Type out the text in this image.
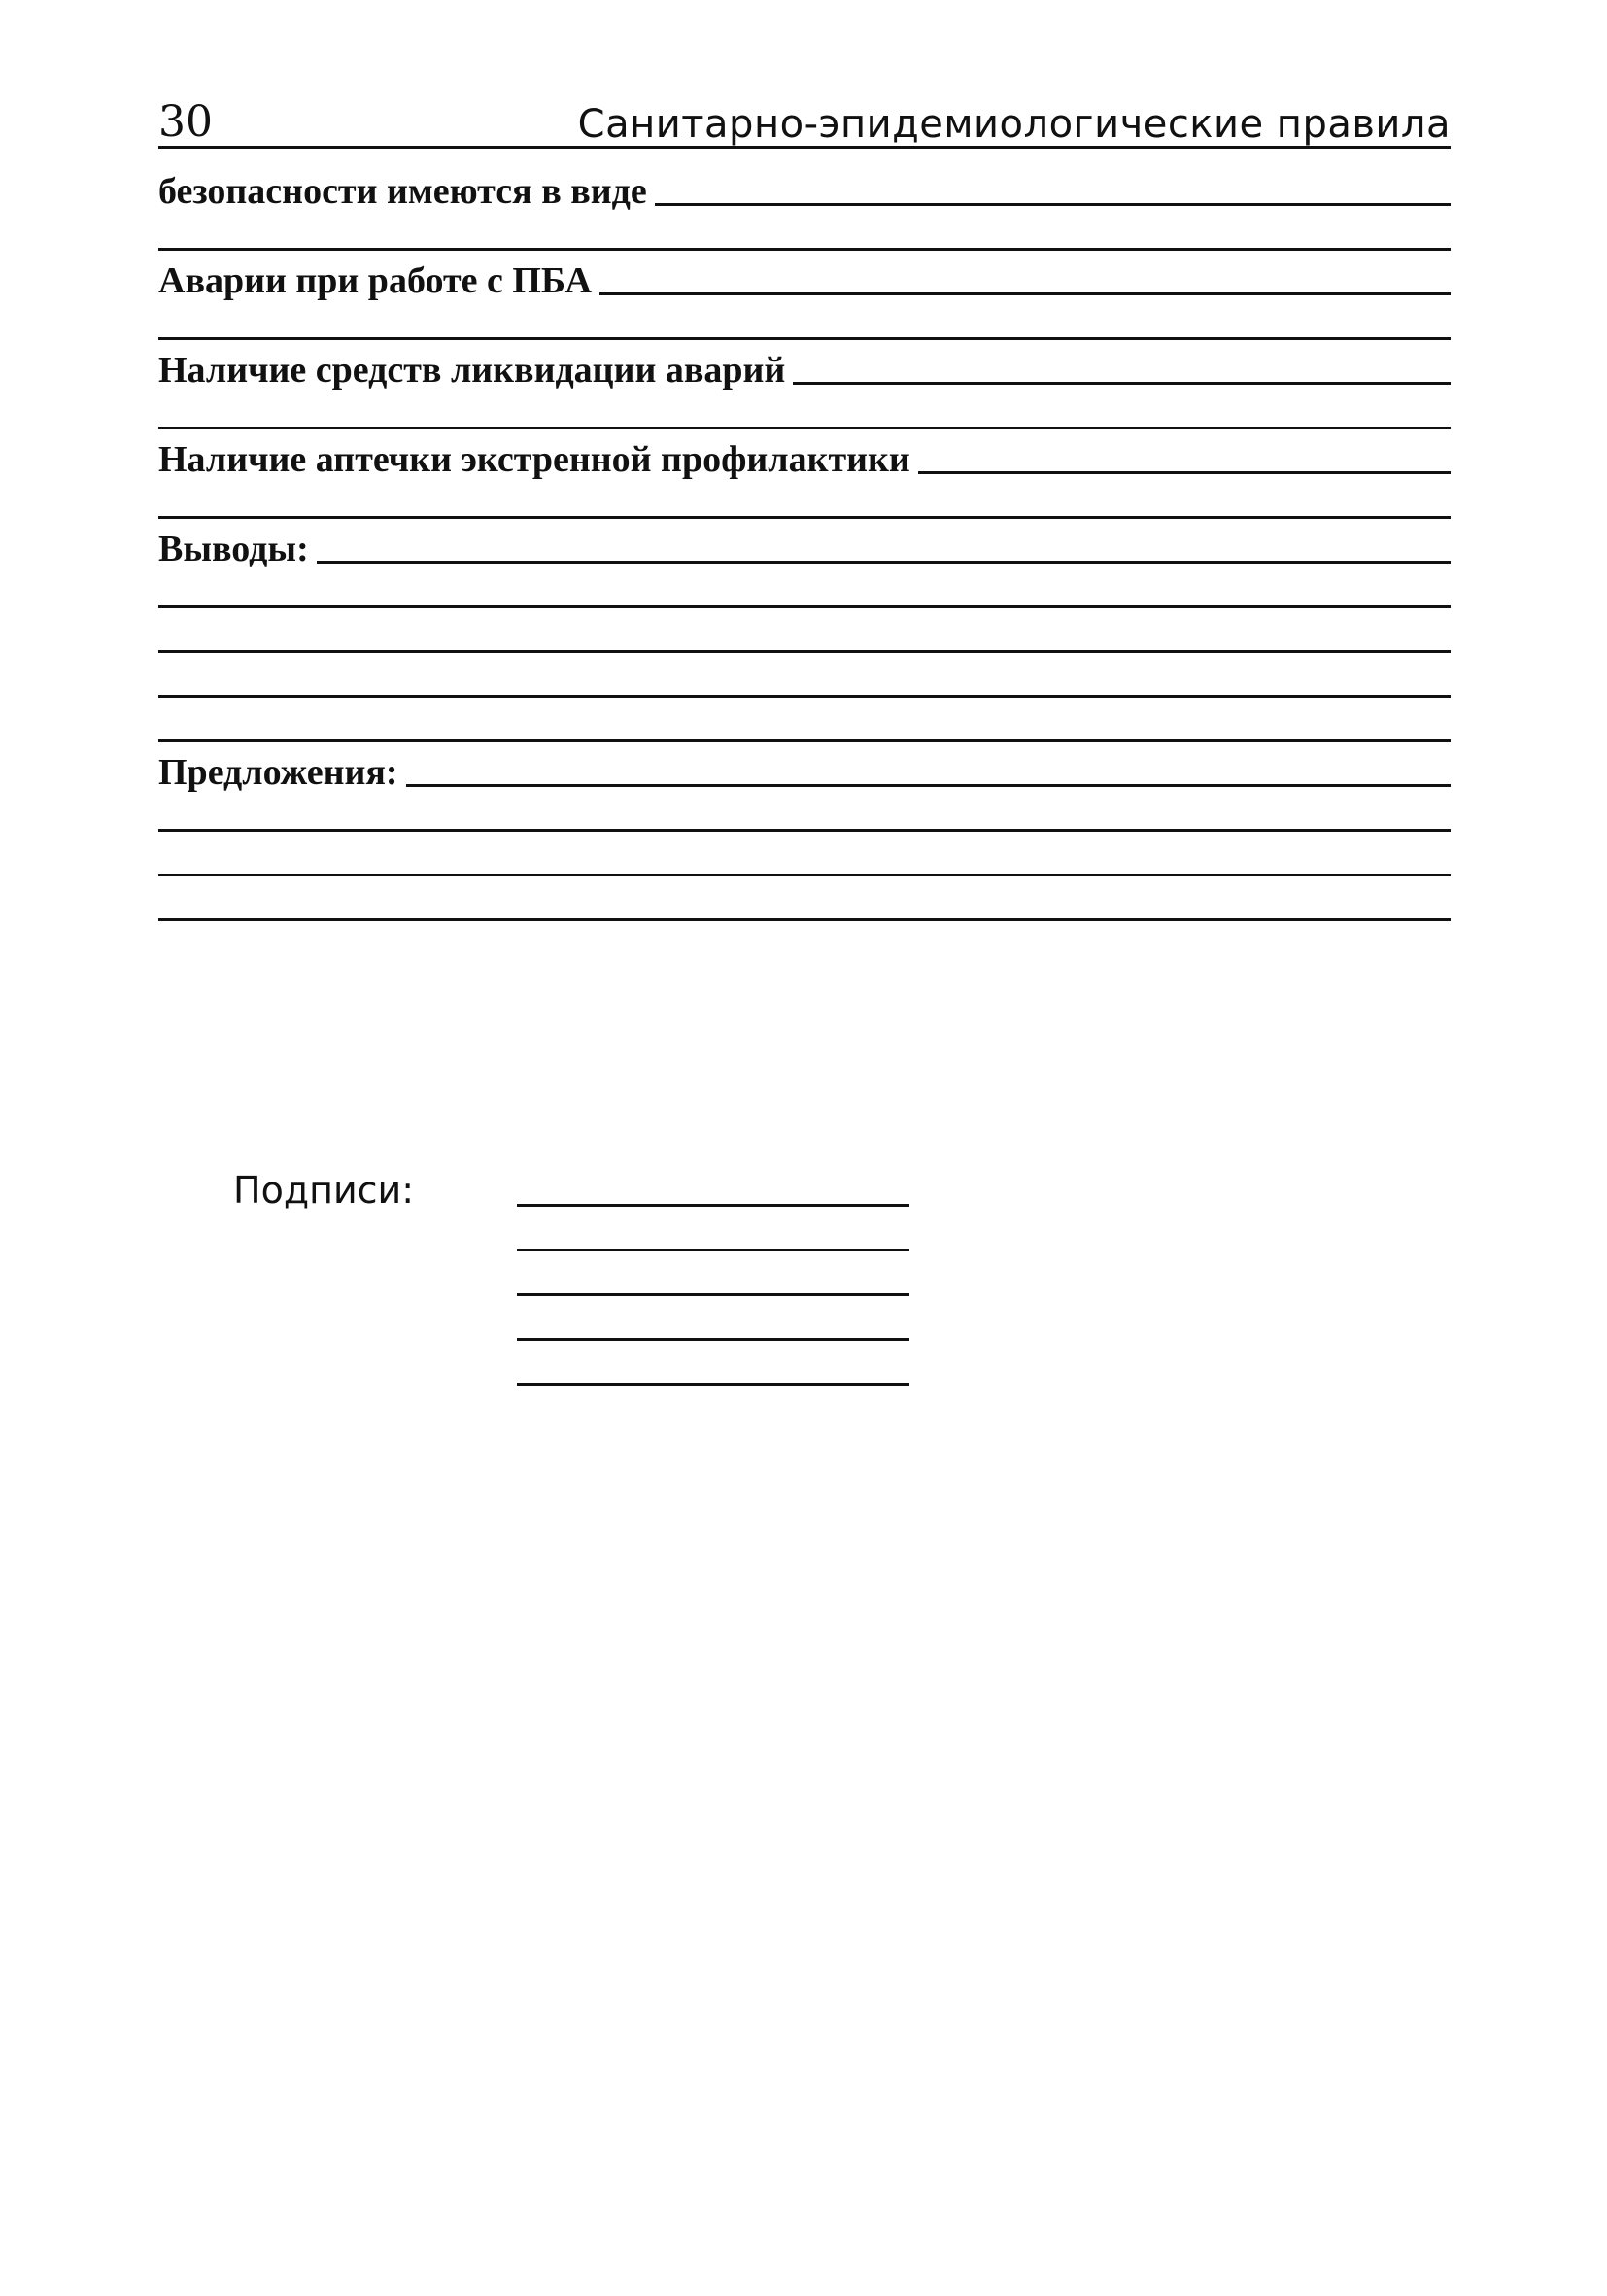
30	Санитарно-эпидемиологические правила
безопасности имеются в виде
Аварии при работе с ПБА
Наличие средств ликвидации аварий
Наличие аптечки экстренной профилактики
Выводы:
Предложения:
Подписи:
